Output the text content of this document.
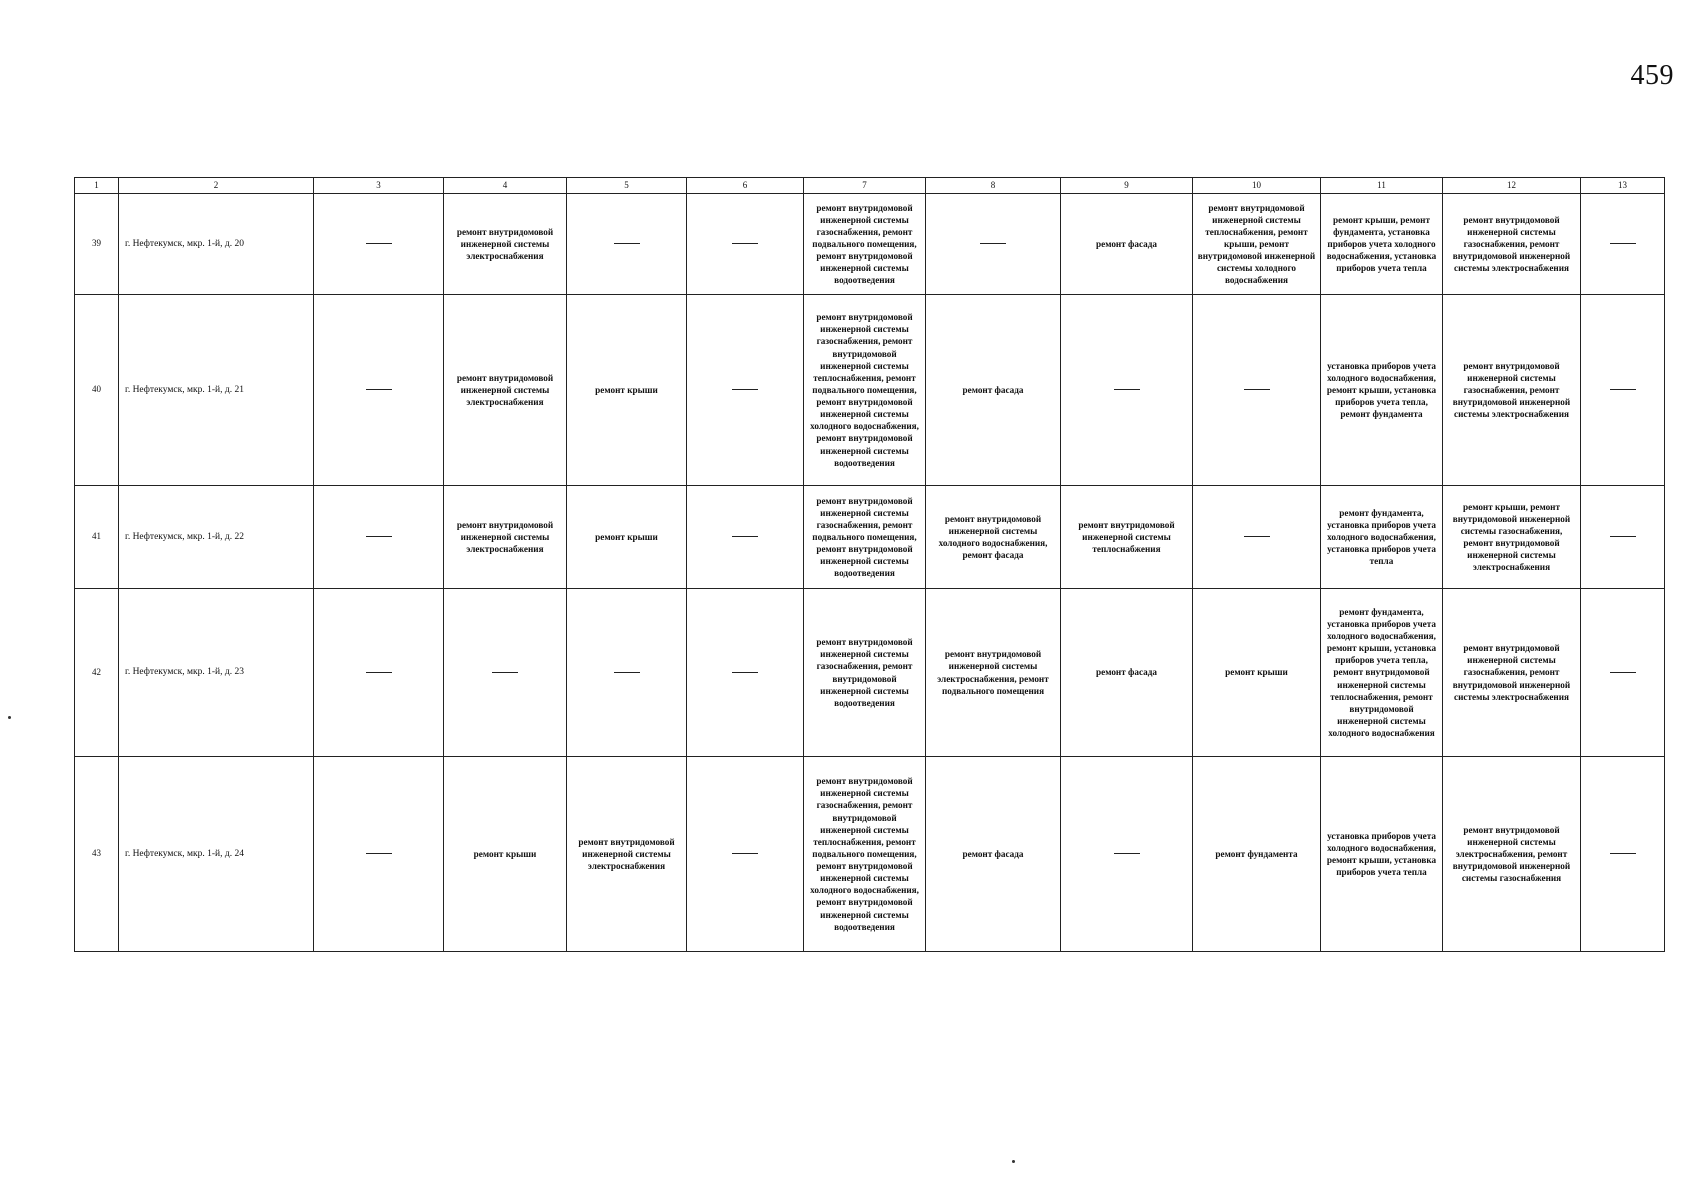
459
1	2	3	4	5	6	7	8	9	10	11	12	13
39	г. Нефтекумск, мкр. 1-й, д. 20		ремонт внутридомовой инженерной системы электроснабжения			ремонт внутридомовой инженерной системы газоснабжения, ремонт подвального помещения, ремонт внутридомовой инженерной системы водоотведения		ремонт фасада	ремонт внутридомовой инженерной системы теплоснабжения, ремонт крыши, ремонт внутридомовой инженерной системы холодного водоснабжения	ремонт крыши, ремонт фундамента, установка приборов учета холодного водоснабжения, установка приборов учета тепла	ремонт внутридомовой инженерной системы газоснабжения, ремонт внутридомовой инженерной системы электроснабжения	
40	г. Нефтекумск, мкр. 1-й, д. 21		ремонт внутридомовой инженерной системы электроснабжения	ремонт крыши		ремонт внутридомовой инженерной системы газоснабжения, ремонт внутридомовой инженерной системы теплоснабжения, ремонт подвального помещения, ремонт внутридомовой инженерной системы холодного водоснабжения, ремонт внутридомовой инженерной системы водоотведения	ремонт фасада			установка приборов учета холодного водоснабжения, ремонт крыши, установка приборов учета тепла, ремонт фундамента	ремонт внутридомовой инженерной системы газоснабжения, ремонт внутридомовой инженерной системы электроснабжения	
41	г. Нефтекумск, мкр. 1-й, д. 22		ремонт внутридомовой инженерной системы электроснабжения	ремонт крыши		ремонт внутридомовой инженерной системы газоснабжения, ремонт подвального помещения, ремонт внутридомовой инженерной системы водоотведения	ремонт внутридомовой инженерной системы холодного водоснабжения, ремонт фасада	ремонт внутридомовой инженерной системы теплоснабжения		ремонт фундамента, установка приборов учета холодного водоснабжения, установка приборов учета тепла	ремонт крыши, ремонт внутридомовой инженерной системы газоснабжения, ремонт внутридомовой инженерной системы электроснабжения	
42	г. Нефтекумск, мкр. 1-й, д. 23					ремонт внутридомовой инженерной системы газоснабжения, ремонт внутридомовой инженерной системы водоотведения	ремонт внутридомовой инженерной системы электроснабжения, ремонт подвального помещения	ремонт фасада	ремонт крыши	ремонт фундамента, установка приборов учета холодного водоснабжения, ремонт крыши, установка приборов учета тепла, ремонт внутридомовой инженерной системы теплоснабжения, ремонт внутридомовой инженерной системы холодного водоснабжения	ремонт внутридомовой инженерной системы газоснабжения, ремонт внутридомовой инженерной системы электроснабжения	
43	г. Нефтекумск, мкр. 1-й, д. 24		ремонт крыши	ремонт внутридомовой инженерной системы электроснабжения		ремонт внутридомовой инженерной системы газоснабжения, ремонт внутридомовой инженерной системы теплоснабжения, ремонт подвального помещения, ремонт внутридомовой инженерной системы холодного водоснабжения, ремонт внутридомовой инженерной системы водоотведения	ремонт фасада		ремонт фундамента	установка приборов учета холодного водоснабжения, ремонт крыши, установка приборов учета тепла	ремонт внутридомовой инженерной системы электроснабжения, ремонт внутридомовой инженерной системы газоснабжения	
